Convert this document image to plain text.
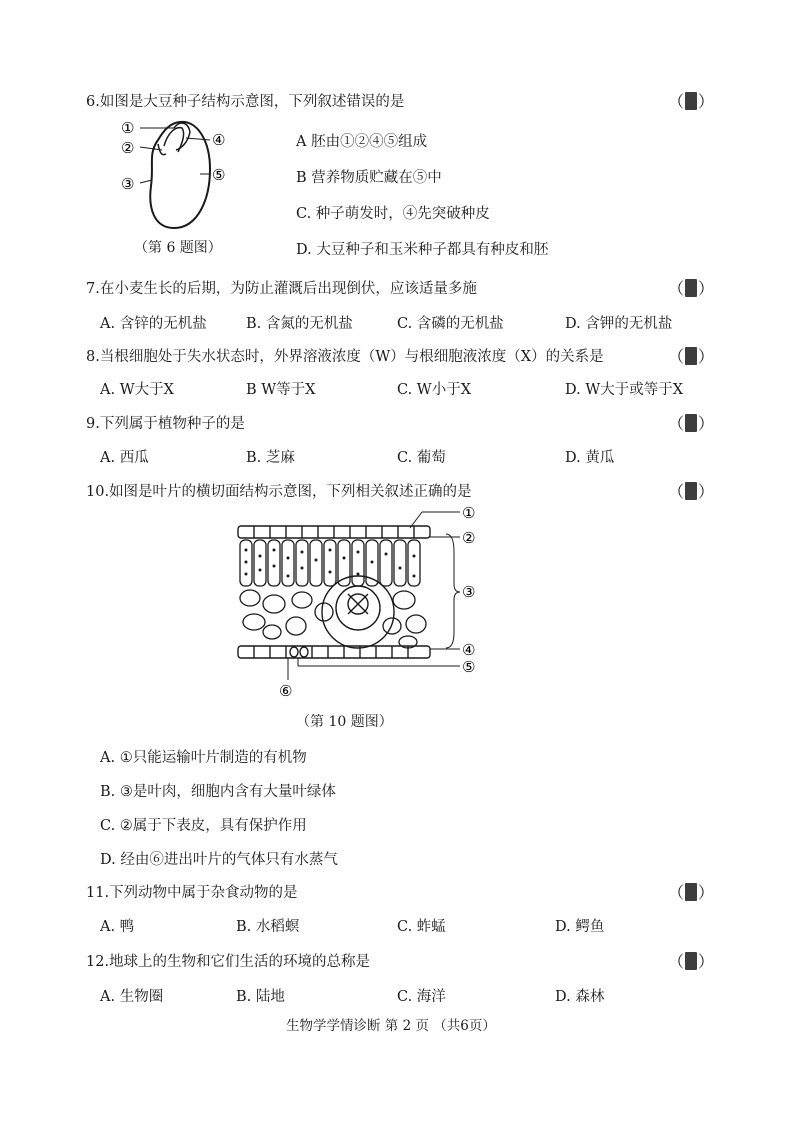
6.如图是大豆种子结构示意图，下列叙述错误的是	（ ）
①
②
③
④
⑤
（第 6 题图）
A 胚由①②④⑤组成
B 营养物质贮藏在⑤中
C. 种子萌发时，④先突破种皮
D. 大豆种子和玉米种子都具有种皮和胚
7.在小麦生长的后期，为防止灌溉后出现倒伏，应该适量多施	（ ）
A. 含锌的无机盐	B. 含氮的无机盐	C. 含磷的无机盐	D. 含钾的无机盐
8.当根细胞处于失水状态时，外界溶液浓度（W）与根细胞液浓度（X）的关系是	（ ）
A. W大于X	B W等于X	C. W小于X	D. W大于或等于X
9.下列属于植物种子的是	（ ）
A. 西瓜	B. 芝麻	C. 葡萄	D. 黄瓜
10.如图是叶片的横切面结构示意图，下列相关叙述正确的是	（ ）
①
②
③
④
⑤
⑥
（第 10 题图）
A. ①只能运输叶片制造的有机物
B. ③是叶肉，细胞内含有大量叶绿体
C. ②属于下表皮，具有保护作用
D. 经由⑥进出叶片的气体只有水蒸气
11.下列动物中属于杂食动物的是	（ ）
A. 鸭	B. 水稻螟	C. 蚱蜢	D. 鳄鱼
12.地球上的生物和它们生活的环境的总称是	（ ）
A. 生物圈	B. 陆地	C. 海洋	D. 森林
生物学学情诊断 第 2 页 （共6页）
